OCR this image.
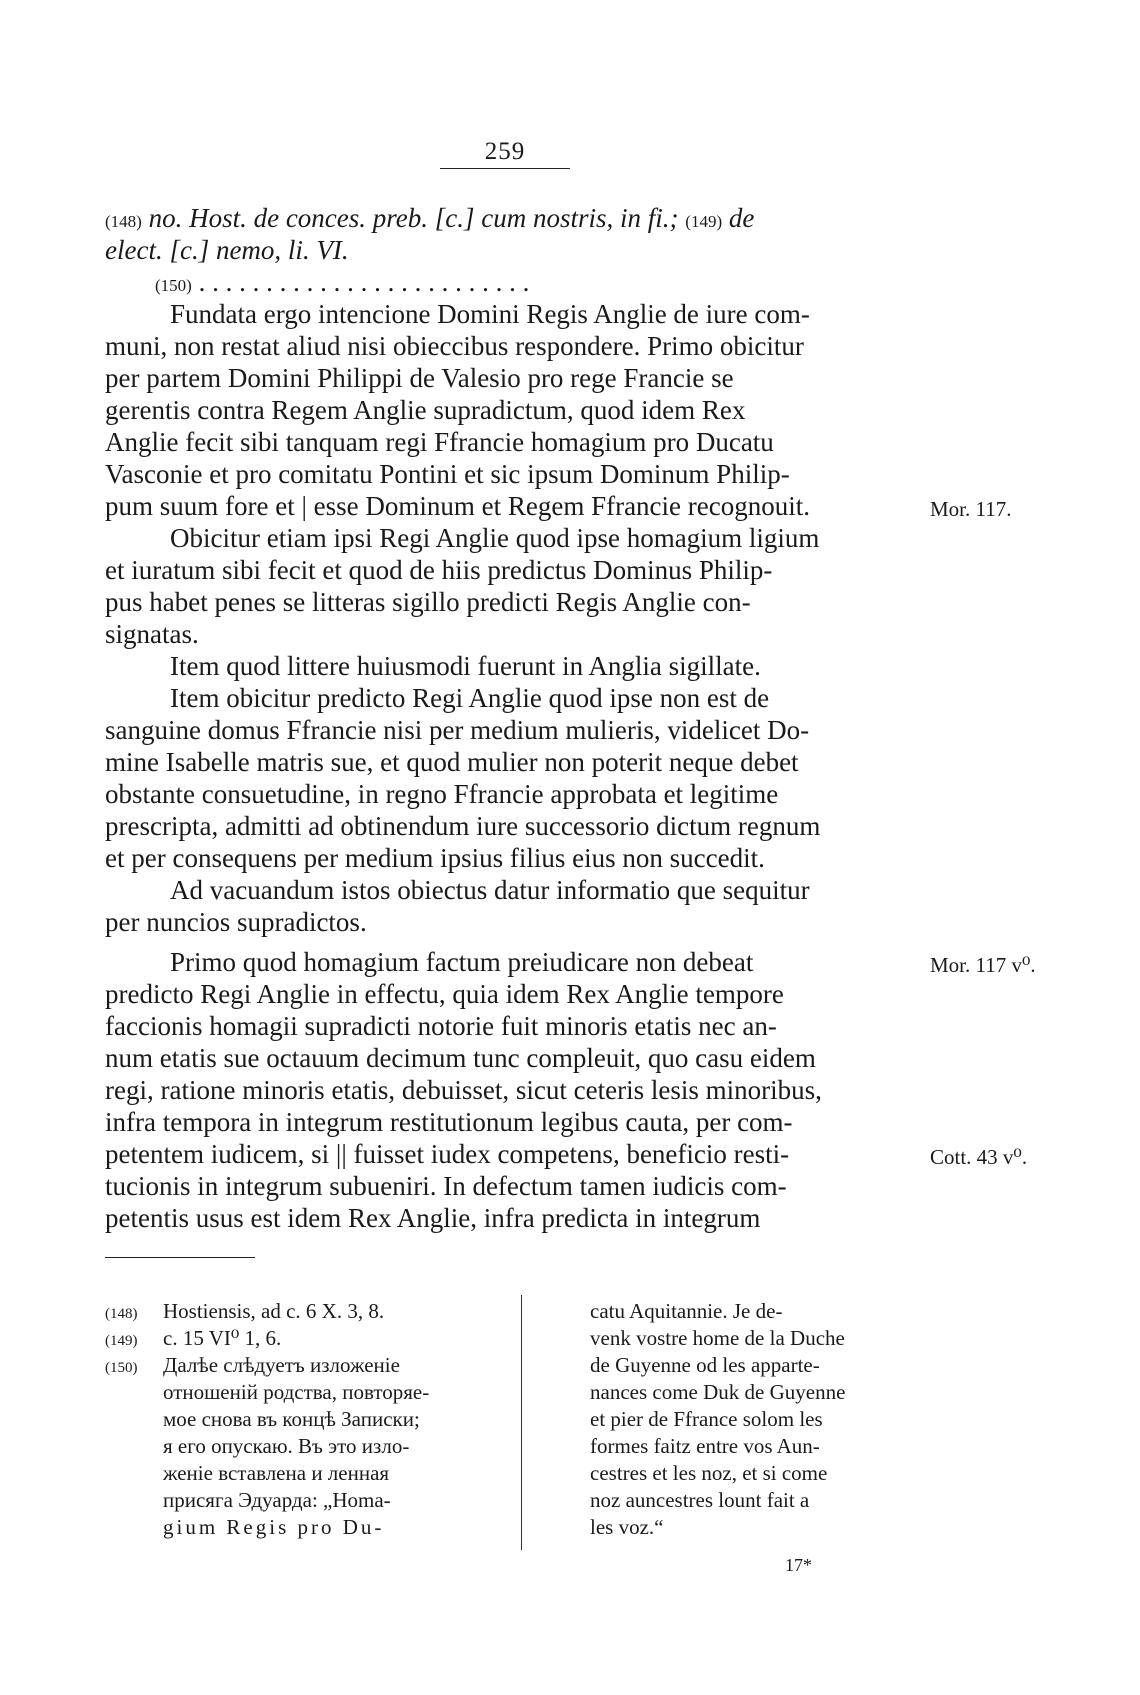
259
(148) no. Host. de conces. preb. [c.] cum nostris, in fi.; (149) de
elect. [c.] nemo, li. VI.
(150) . . . . . . . . . . . . . . . . . . . . . . . . .
Fundata ergo intencione Domini Regis Anglie de iure com-
muni, non restat aliud nisi obieccibus respondere. Primo obicitur
per partem Domini Philippi de Valesio pro rege Francie se
gerentis contra Regem Anglie supradictum, quod idem Rex
Anglie fecit sibi tanquam regi Ffrancie homagium pro Ducatu
Vasconie et pro comitatu Pontini et sic ipsum Dominum Philip-
pum suum fore et | esse Dominum et Regem Ffrancie recognouit.
Obicitur etiam ipsi Regi Anglie quod ipse homagium ligium
et iuratum sibi fecit et quod de hiis predictus Dominus Philip-
pus habet penes se litteras sigillo predicti Regis Anglie con-
signatas.
Item quod littere huiusmodi fuerunt in Anglia sigillate.
Item obicitur predicto Regi Anglie quod ipse non est de
sanguine domus Ffrancie nisi per medium mulieris, videlicet Do-
mine Isabelle matris sue, et quod mulier non poterit neque debet
obstante consuetudine, in regno Ffrancie approbata et legitime
prescripta, admitti ad obtinendum iure successorio dictum regnum
et per consequens per medium ipsius filius eius non succedit.
Ad vacuandum istos obiectus datur informatio que sequitur
per nuncios supradictos.
Primo quod homagium factum preiudicare non debeat
predicto Regi Anglie in effectu, quia idem Rex Anglie tempore
faccionis homagii supradicti notorie fuit minoris etatis nec an-
num etatis sue octauum decimum tunc compleuit, quo casu eidem
regi, ratione minoris etatis, debuisset, sicut ceteris lesis minoribus,
infra tempora in integrum restitutionum legibus cauta, per com-
petentem iudicem, si || fuisset iudex competens, beneficio resti-
tucionis in integrum subueniri. In defectum tamen iudicis com-
petentis usus est idem Rex Anglie, infra predicta in integrum
Mor. 117.
Mor. 117 v⁰.
Cott. 43 v⁰.
(148) Hostiensis, ad c. 6 X. 3, 8.
(149) c. 15 VI⁰ 1, 6.
(150) Далѣе слѣдуетъ изложенie
отношенiй родства, повторяе-
мое снова въ концѣ Записки;
я его опускаю. Въ это изло-
женie вставлена и ленная
присяга Эдуарда: „Homa-
gium Regis pro Du-
catu Aquitannie. Je de-
venk vostre home de la Duche
de Guyenne od les apparte-
nances come Duk de Guyenne
et pier de Ffrance solom les
formes faitz entre vos Aun-
cestres et les noz, et si come
noz auncestres lount fait a
les voz.“
17*
